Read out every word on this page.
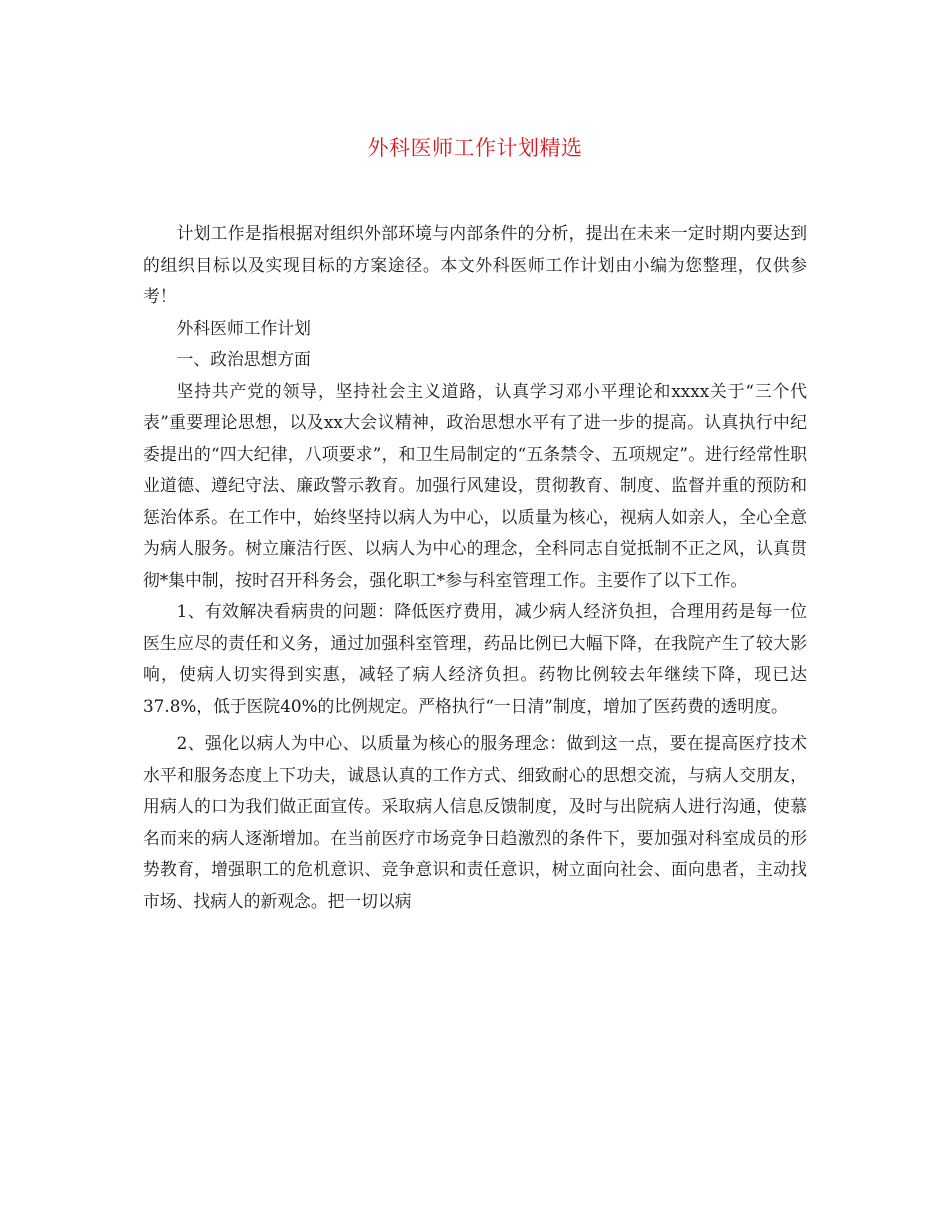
外科医师工作计划精选

计划工作是指根据对组织外部环境与内部条件的分析，提出在未来一定时期内要达到的组织目标以及实现目标的方案途径。本文外科医师工作计划由小编为您整理，仅供参考！

外科医师工作计划

一、政治思想方面

坚持共产党的领导，坚持社会主义道路，认真学习邓小平理论和xxxx关于“三个代表”重要理论思想，以及xx大会议精神，政治思想水平有了进一步的提高。认真执行中纪委提出的“四大纪律，八项要求”，和卫生局制定的“五条禁令、五项规定”。进行经常性职业道德、遵纪守法、廉政警示教育。加强行风建设，贯彻教育、制度、监督并重的预防和惩治体系。在工作中，始终坚持以病人为中心，以质量为核心，视病人如亲人，全心全意为病人服务。树立廉洁行医、以病人为中心的理念，全科同志自觉抵制不正之风，认真贯彻*集中制，按时召开科务会，强化职工*参与科室管理工作。主要作了以下工作。

1、有效解决看病贵的问题：降低医疗费用，减少病人经济负担，合理用药是每一位医生应尽的责任和义务，通过加强科室管理，药品比例已大幅下降，在我院产生了较大影响，使病人切实得到实惠，减轻了病人经济负担。药物比例较去年继续下降，现已达37.8%，低于医院40%的比例规定。严格执行“一日清”制度，增加了医药费的透明度。

2、强化以病人为中心、以质量为核心的服务理念：做到这一点，要在提高医疗技术水平和服务态度上下功夫，诚恳认真的工作方式、细致耐心的思想交流，与病人交朋友，用病人的口为我们做正面宣传。采取病人信息反馈制度，及时与出院病人进行沟通，使慕名而来的病人逐渐增加。在当前医疗市场竞争日趋激烈的条件下，要加强对科室成员的形势教育，增强职工的危机意识、竞争意识和责任意识，树立面向社会、面向患者，主动找市场、找病人的新观念。把一切以病
